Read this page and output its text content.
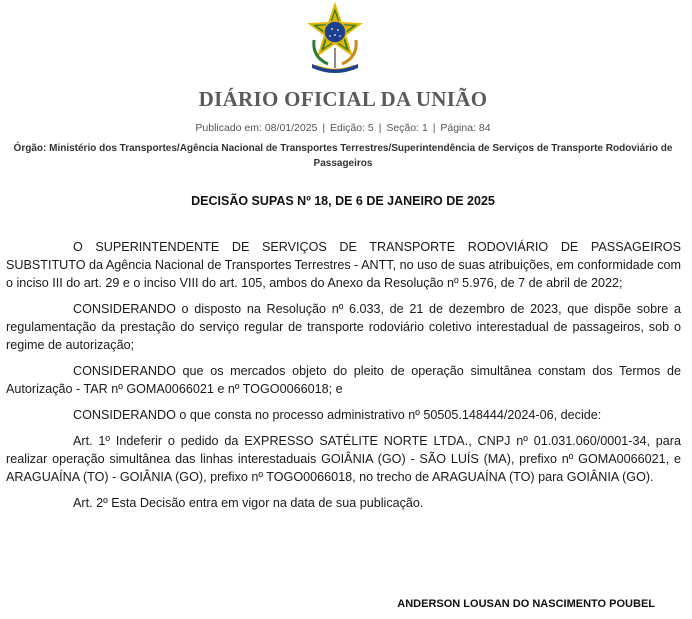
DIÁRIO OFICIAL DA UNIÃO
Publicado em: 08/01/2025 | Edição: 5 | Seção: 1 | Página: 84
Órgão: Ministério dos Transportes/Agência Nacional de Transportes Terrestres/Superintendência de Serviços de Transporte Rodoviário de Passageiros
DECISÃO SUPAS Nº 18, DE 6 DE JANEIRO DE 2025

O SUPERINTENDENTE DE SERVIÇOS DE TRANSPORTE RODOVIÁRIO DE PASSAGEIROS SUBSTITUTO da Agência Nacional de Transportes Terrestres - ANTT, no uso de suas atribuições, em conformidade com o inciso III do art. 29 e o inciso VIII do art. 105, ambos do Anexo da Resolução nº 5.976, de 7 de abril de 2022;

CONSIDERANDO o disposto na Resolução nº 6.033, de 21 de dezembro de 2023, que dispõe sobre a regulamentação da prestação do serviço regular de transporte rodoviário coletivo interestadual de passageiros, sob o regime de autorização;

CONSIDERANDO que os mercados objeto do pleito de operação simultânea constam dos Termos de Autorização - TAR nº GOMA0066021 e nº TOGO0066018; e

CONSIDERANDO o que consta no processo administrativo nº 50505.148444/2024-06, decide:

Art. 1º Indeferir o pedido da EXPRESSO SATÉLITE NORTE LTDA., CNPJ nº 01.031.060/0001-34, para realizar operação simultânea das linhas interestaduais GOIÂNIA (GO) - SÃO LUÍS (MA), prefixo nº GOMA0066021, e ARAGUAÍNA (TO) - GOIÂNIA (GO), prefixo nº TOGO0066018, no trecho de ARAGUAÍNA (TO) para GOIÂNIA (GO).

Art. 2º Esta Decisão entra em vigor na data de sua publicação.

ANDERSON LOUSAN DO NASCIMENTO POUBEL
